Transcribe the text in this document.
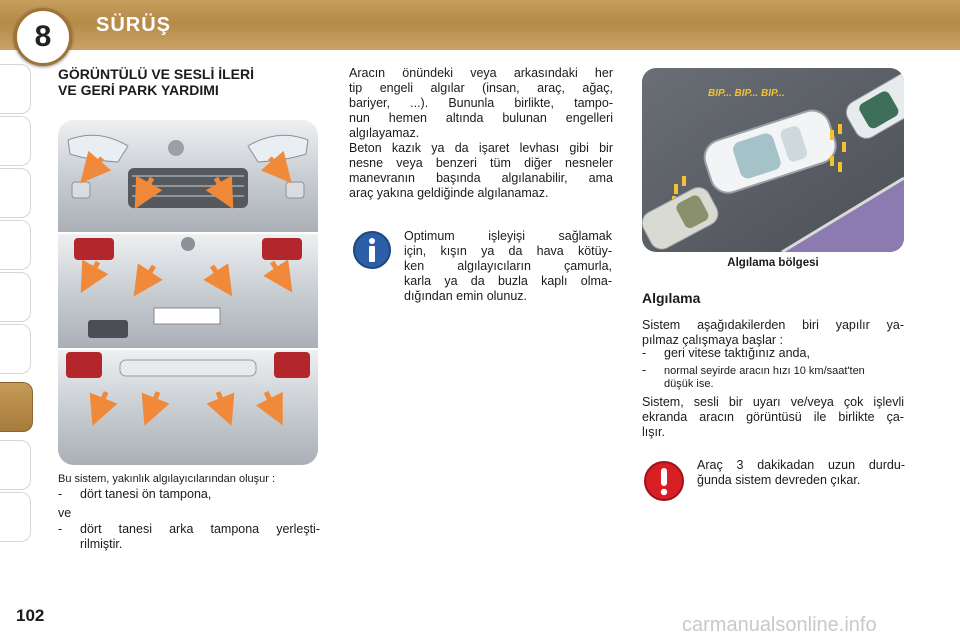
8	SÜRÜŞ
GÖRÜNTÜLÜ VE SESLİ İLERİ
VE GERİ PARK YARDIMI
Bu sistem, yakınlık algılayıcılarından oluşur :
- dört tanesi ön tampona,
ve
- dört tanesi arka tampona yerleşti-
rilmiştir.
Aracın önündeki veya arkasındaki her
tip engeli algılar (insan, araç, ağaç,
bariyer, ...). Bununla birlikte, tampo-
nun hemen altında bulunan engelleri
algılayamaz.
Beton kazık ya da işaret levhası gibi bir
nesne veya benzeri tüm diğer nesneler
manevranın başında algılanabilir, ama
araç yakına geldiğinde algılanamaz.
Optimum işleyişi sağlamak
için, kışın ya da hava kötüy-
ken algılayıcıların çamurla,
karla ya da buzla kaplı olma-
dığından emin olunuz.
BIP... BIP... BIP...
Algılama bölgesi
Algılama
Sistem aşağıdakilerden biri yapılır ya-
pılmaz çalışmaya başlar :
- geri vitese taktığınız anda,
- normal seyirde aracın hızı 10 km/saat'ten
düşük ise.
Sistem, sesli bir uyarı ve/veya çok işlevli
ekranda aracın görüntüsü ile birlikte ça-
lışır.
Araç 3 dakikadan uzun durdu-
ğunda sistem devreden çıkar.
102	carmanualsonline.info
